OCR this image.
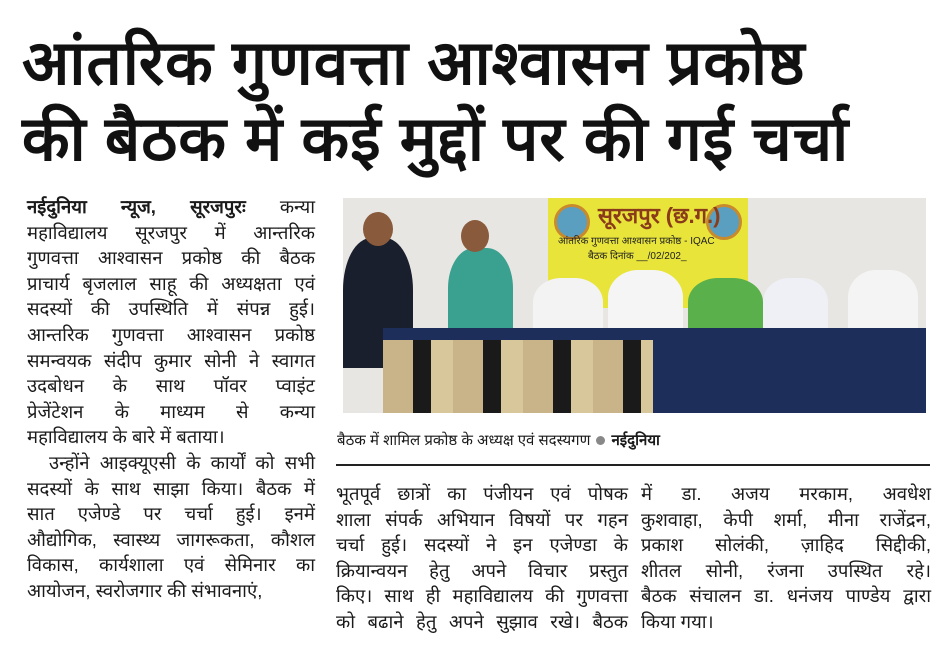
आंतरिक गुणवत्ता आश्वासन प्रकोष्ठ
की बैठक में कई मुद्दों पर की गई चर्चा
नईदुनिया न्यूज, सूरजपुरः कन्या
महाविद्यालय सूरजपुर में आन्तरिक
गुणवत्ता आश्वासन प्रकोष्ठ की बैठक
प्राचार्य बृजलाल साहू की अध्यक्षता एवं
सदस्यों की उपस्थिति में संपन्न हुई।
आन्तरिक गुणवत्ता आश्वासन प्रकोष्ठ
समन्वयक संदीप कुमार सोनी ने स्वागत
उदबोधन के साथ पॉवर प्वाइंट
प्रेजेंटेशन के माध्यम से कन्या
महाविद्यालय के बारे में बताया।
उन्होंने आइक्यूएसी के कार्यों को सभी
सदस्यों के साथ साझा किया। बैठक में
सात एजेण्डे पर चर्चा हुई। इनमें
औद्योगिक, स्वास्थ्य जागरूकता, कौशल
विकास, कार्यशाला एवं सेमिनार का
आयोजन, स्वरोजगार की संभावनाएं,
सूरजपुर (छ.ग.)
आंतरिक गुणवत्ता आश्वासन प्रकोष्ठ - IQAC
बैठक दिनांक __/02/202_
बैठक में शामिल प्रकोष्ठ के अध्यक्ष एवं सदस्यगण नईदुनिया
भूतपूर्व छात्रों का पंजीयन एवं पोषक
शाला संपर्क अभियान विषयों पर गहन
चर्चा हुई। सदस्यों ने इन एजेण्डा के
क्रियान्वयन हेतु अपने विचार प्रस्तुत
किए। साथ ही महाविद्यालय की गुणवत्ता
को बढाने हेतु अपने सुझाव रखे। बैठक
में डा. अजय मरकाम, अवधेश
कुशवाहा, केपी शर्मा, मीना राजेंद्रन,
प्रकाश सोलंकी, ज़ाहिद सिद्दीकी,
शीतल सोनी, रंजना उपस्थित रहे।
बैठक संचालन डा. धनंजय पाण्डेय द्वारा
किया गया।
